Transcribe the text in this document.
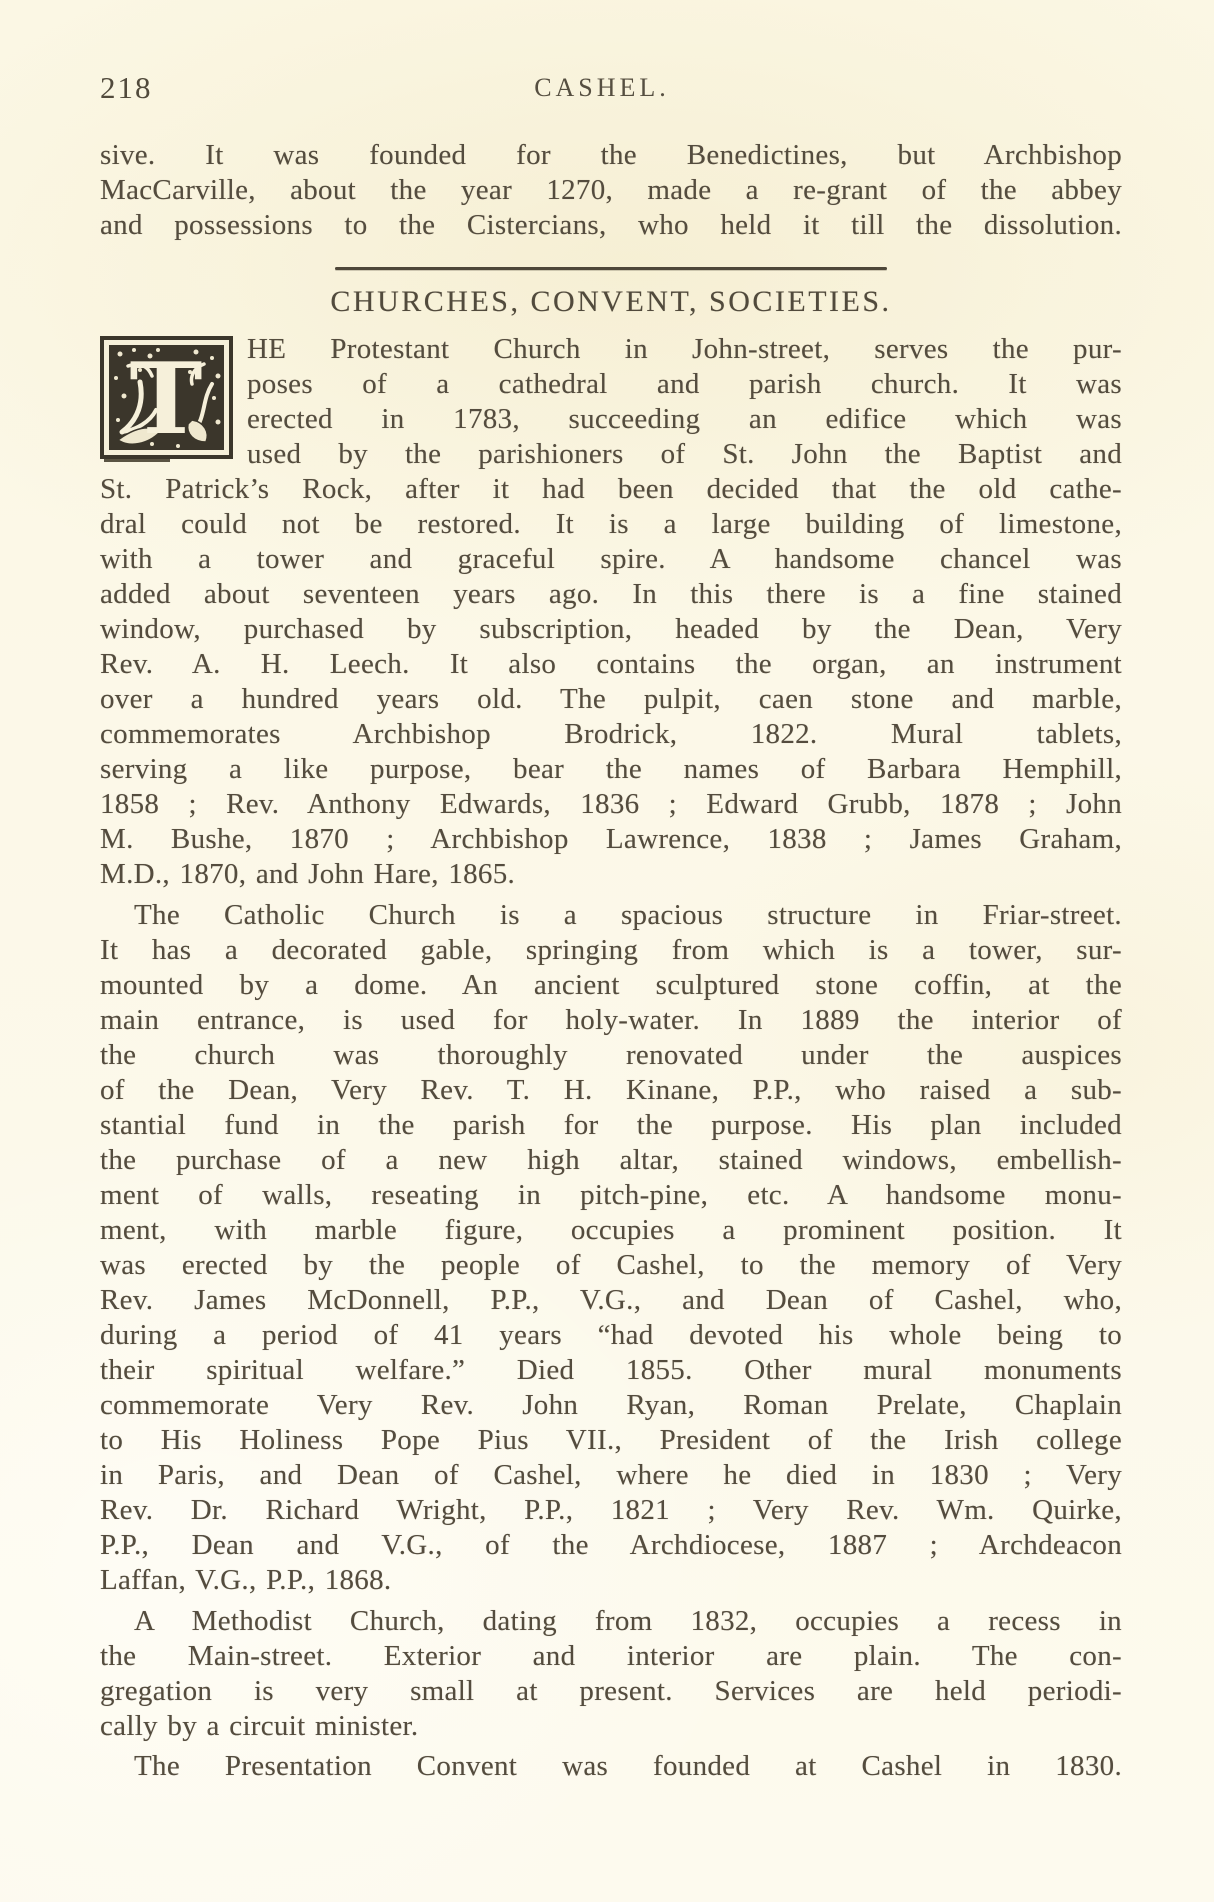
218	CASHEL.
sive. It was founded for the Benedictines, but Archbishop
MacCarville, about the year 1270, made a re-grant of the abbey
and possessions to the Cistercians, who held it till the dissolution.
CHURCHES, CONVENT, SOCIETIES.
T	HE Protestant Church in John-street, serves the pur-
poses of a cathedral and parish church. It was
erected in 1783, succeeding an edifice which was
used by the parishioners of St. John the Baptist and
St. Patrick’s Rock, after it had been decided that the old cathe-
dral could not be restored. It is a large building of limestone,
with a tower and graceful spire. A handsome chancel was
added about seventeen years ago. In this there is a fine stained
window, purchased by subscription, headed by the Dean, Very
Rev. A. H. Leech. It also contains the organ, an instrument
over a hundred years old. The pulpit, caen stone and marble,
commemorates Archbishop Brodrick, 1822. Mural tablets,
serving a like purpose, bear the names of Barbara Hemphill,
1858 ; Rev. Anthony Edwards, 1836 ; Edward Grubb, 1878 ; John
M. Bushe, 1870 ; Archbishop Lawrence, 1838 ; James Graham,
M.D., 1870, and John Hare, 1865.
The Catholic Church is a spacious structure in Friar-street.
It has a decorated gable, springing from which is a tower, sur-
mounted by a dome. An ancient sculptured stone coffin, at the
main entrance, is used for holy-water. In 1889 the interior of
the church was thoroughly renovated under the auspices
of the Dean, Very Rev. T. H. Kinane, P.P., who raised a sub-
stantial fund in the parish for the purpose. His plan included
the purchase of a new high altar, stained windows, embellish-
ment of walls, reseating in pitch-pine, etc. A handsome monu-
ment, with marble figure, occupies a prominent position. It
was erected by the people of Cashel, to the memory of Very
Rev. James McDonnell, P.P., V.G., and Dean of Cashel, who,
during a period of 41 years “had devoted his whole being to
their spiritual welfare.” Died 1855. Other mural monuments
commemorate Very Rev. John Ryan, Roman Prelate, Chaplain
to His Holiness Pope Pius VII., President of the Irish college
in Paris, and Dean of Cashel, where he died in 1830 ; Very
Rev. Dr. Richard Wright, P.P., 1821 ; Very Rev. Wm. Quirke,
P.P., Dean and V.G., of the Archdiocese, 1887 ; Archdeacon
Laffan, V.G., P.P., 1868.
A Methodist Church, dating from 1832, occupies a recess in
the Main-street. Exterior and interior are plain. The con-
gregation is very small at present. Services are held periodi-
cally by a circuit minister.
The Presentation Convent was founded at Cashel in 1830.
